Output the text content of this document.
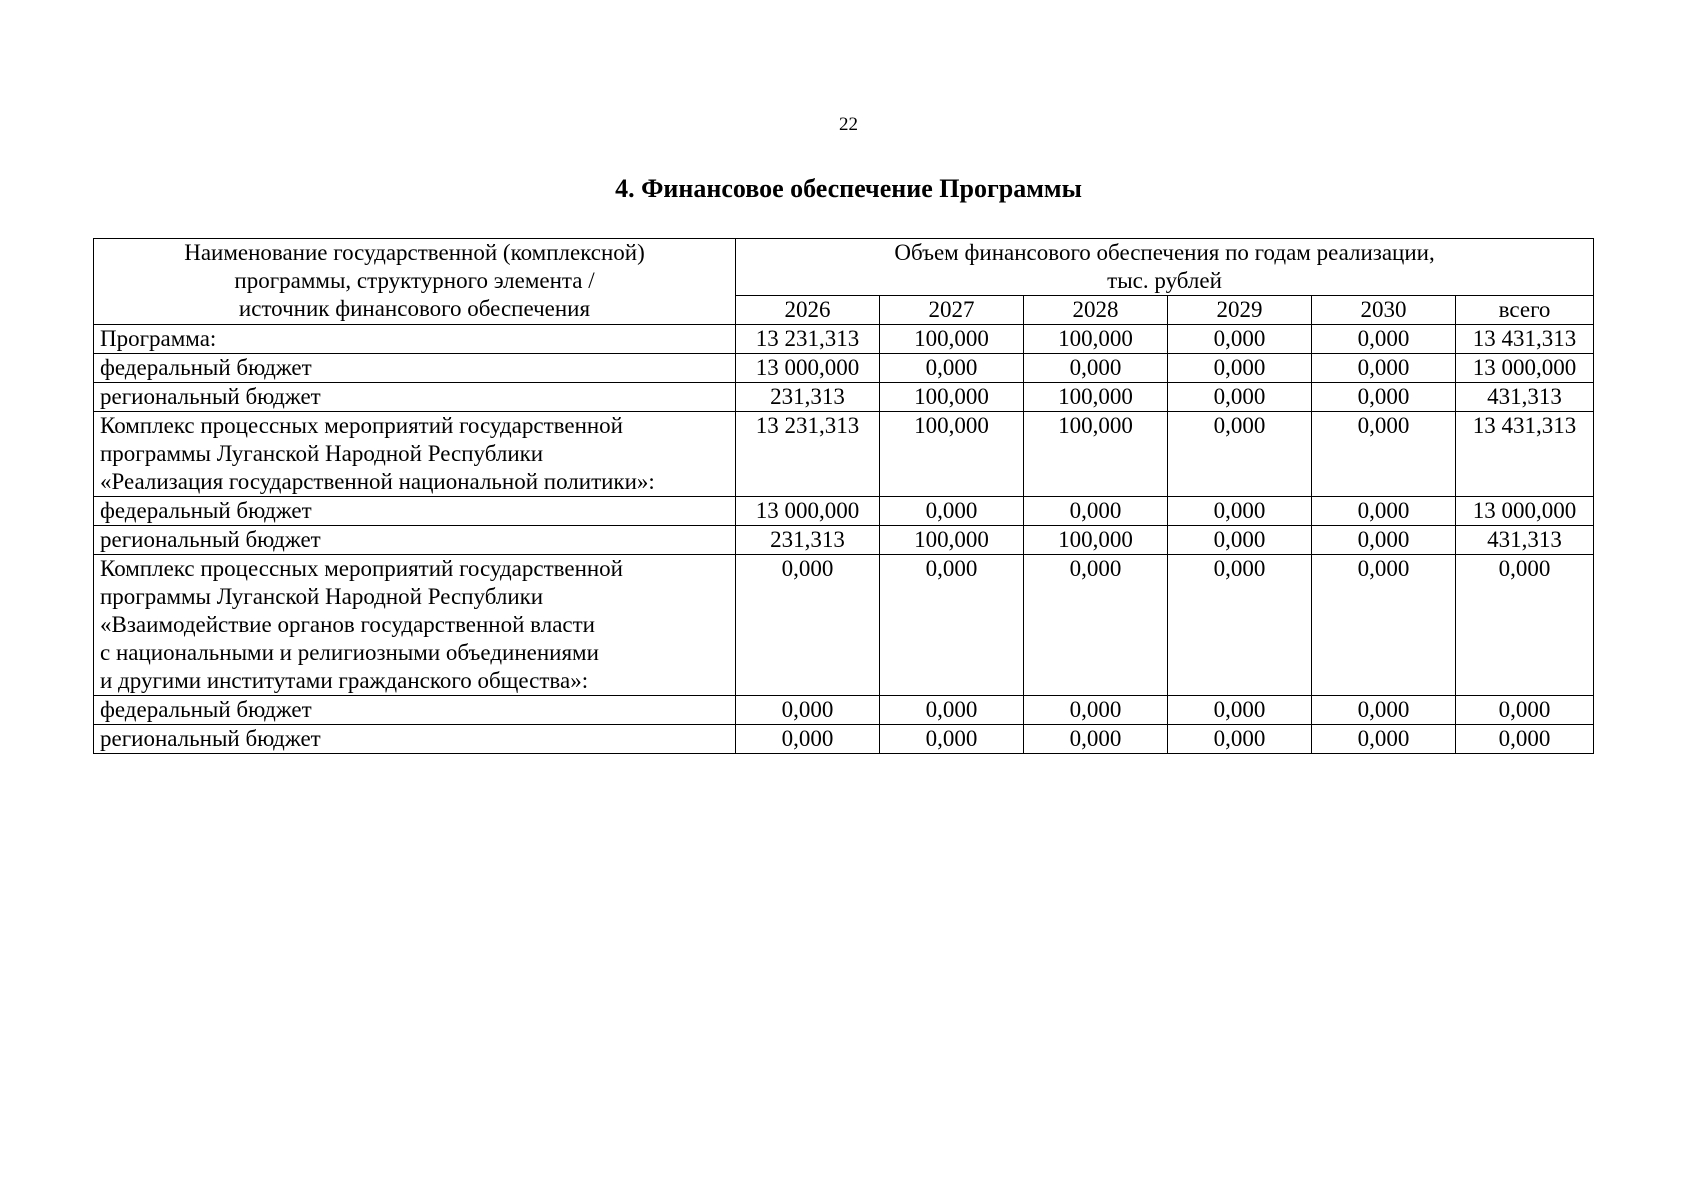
22
4. Финансовое обеспечение Программы
Наименование государственной (комплексной)
программы, структурного элемента /
источник финансового обеспечения	Объем финансового обеспечения по годам реализации,
тыс. рублей					

	2026	2027	2028	2029	2030	всего

Программа:	13 231,313	100,000	100,000	0,000	0,000	13 431,313

федеральный бюджет	13 000,000	0,000	0,000	0,000	0,000	13 000,000

региональный бюджет	231,313	100,000	100,000	0,000	0,000	431,313

Комплекс процессных мероприятий государственной
программы Луганской Народной Республики
«Реализация государственной национальной политики»:	13 231,313	100,000	100,000	0,000	0,000	13 431,313

федеральный бюджет	13 000,000	0,000	0,000	0,000	0,000	13 000,000

региональный бюджет	231,313	100,000	100,000	0,000	0,000	431,313

Комплекс процессных мероприятий государственной
программы Луганской Народной Республики
«Взаимодействие органов государственной власти
с национальными и религиозными объединениями
и другими институтами гражданского общества»:	0,000	0,000	0,000	0,000	0,000	0,000

федеральный бюджет	0,000	0,000	0,000	0,000	0,000	0,000

региональный бюджет	0,000	0,000	0,000	0,000	0,000	0,000
